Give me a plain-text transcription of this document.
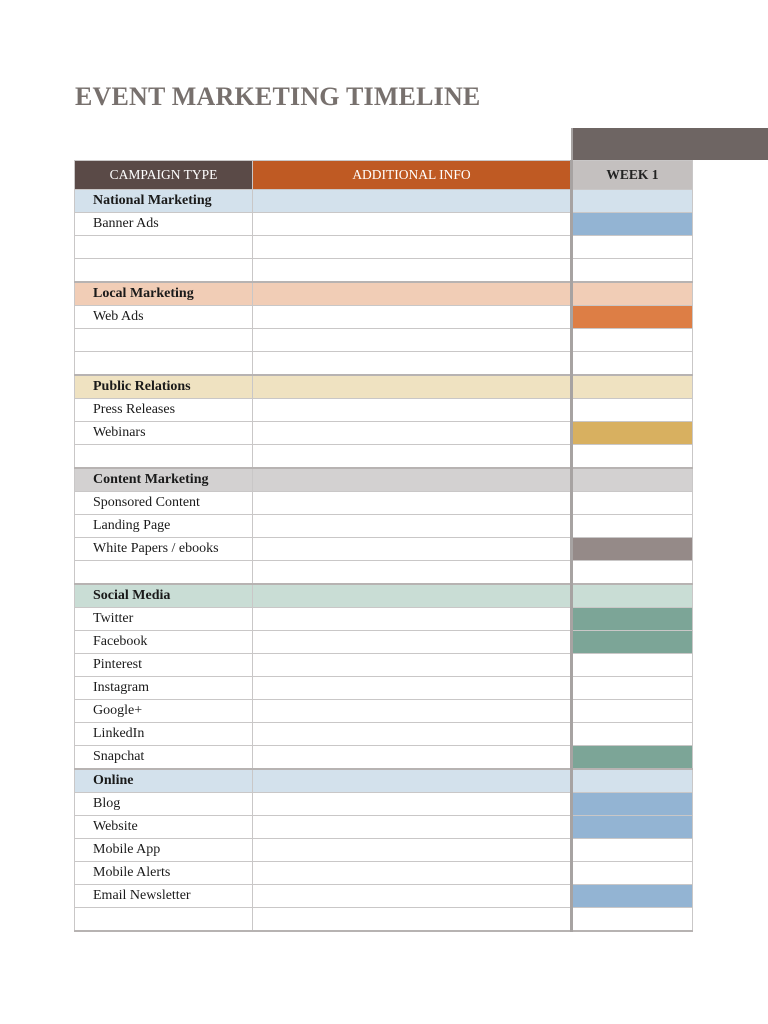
EVENT MARKETING TIMELINE
CAMPAIGN TYPE	ADDITIONAL INFO	WEEK 1
National Marketing		
Banner Ads		

Local Marketing		
Web Ads		

Public Relations		
Press Releases		
Webinars		

Content Marketing		
Sponsored Content		
Landing Page		
White Papers / ebooks		

Social Media		
Twitter		
Facebook		
Pinterest		
Instagram		
Google+		
LinkedIn		
Snapchat		
Online		
Blog		
Website		
Mobile App		
Mobile Alerts		
Email Newsletter		
